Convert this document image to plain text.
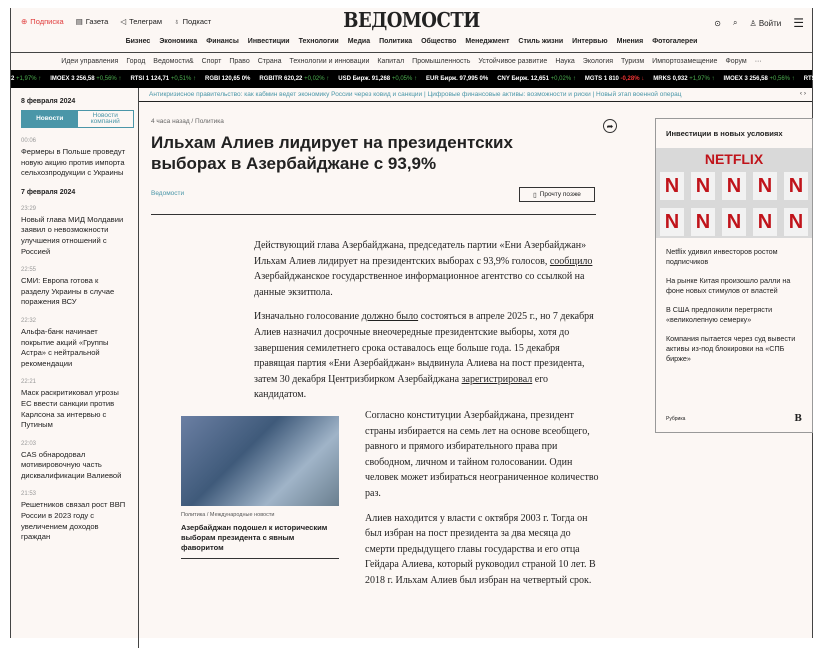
⊕ Подписка ▤ Газета ◁ Телеграм ♁ Подкаст	ВЕДОМОСТИ	⊙ ⌕ ♙ Войти ☰
Бизнес Экономика Финансы Инвестиции Технологии Медиа Политика Общество Менеджмент Стиль жизни Интервью Мнения Фотогалереи
Идеи управления Город Ведомости& Спорт Право Страна Технологии и инновации Капитал Промышленность Устойчивое развитие Наука Экология Туризм Импортозамещение Форум ···
2 +1,97% ↑ IMOEX 3 256,58 +0,56% ↑ RTSI 1 124,71 +0,51% ↑ RGBI 120,65 0% RGBITR 620,22 +0,02% ↑ USD Бирж. 91,268 +0,05% ↑ EUR Бирж. 97,995 0% CNY Бирж. 12,651 +0,02% ↑ MGTS 1 810 -0,28% ↓ MRKS 0,932 +1,97% ↑ IMOEX 3 256,58 +0,56% ↑ RTSI 1
8 февраля 2024
Новости	Новости компаний
00:06
Фермеры в Польше проведут новую акцию против импорта сельхозпродукции с Украины
7 февраля 2024
23:29
Новый глава МИД Молдавии заявил о невозможности улучшения отношений с Россией
22:55
СМИ: Европа готова к разделу Украины в случае поражения ВСУ
22:32
Альфа-банк начинает покрытие акций «Группы Астра» с нейтральной рекомендации
22:21
Маск раскритиковал угрозы ЕС ввести санкции против Карлсона за интервью с Путиным
22:03
CAS обнародовал мотивировочную часть дисквалификации Валиевой
21:53
Решетников связал рост ВВП России в 2023 году с увеличением доходов граждан
Антикризисное правительство: как кабмин ведет экономику России через ковид и санкции | Цифровые финансовые активы: возможности и риски | Новый этап военной операц	‹ ›
4 часа назад / Политика	➦
Ильхам Алиев лидирует на президентских выборах в Азербайджане с 93,9%
Ведомости	▯ Прочту позже

Действующий глава Азербайджана, председатель партии «Ени Азербайджан» Ильхам Алиев лидирует на президентских выборах с 93,9% голосов, сообщило Азербайджанское государственное информационное агентство со ссылкой на данные экзитпола.

Изначально голосование должно было состояться в апреле 2025 г., но 7 декабря Алиев назначил досрочные внеочередные президентские выборы, хотя до завершения семилетнего срока оставалось еще больше года. 15 декабря правящая партия «Ени Азербайджан» выдвинула Алиева на пост президента, затем 30 декабря Центризбирком Азербайджана зарегистрировал его кандидатом.

Согласно конституции Азербайджана, президент страны избирается на семь лет на основе всеобщего, равного и прямого избирательного права при свободном, личном и тайном голосовании. Один человек может избираться неограниченное количество раз.

Алиев находится у власти с октября 2003 г. Тогда он был избран на пост президента за два месяца до смерти предыдущего главы государства и его отца Гейдара Алиева, который руководил страной 10 лет. В 2018 г. Ильхам Алиев был избран на четвертый срок.

Политика / Международные новости
Азербайджан подошел к историческим выборам президента с явным фаворитом
Инвестиции в новых условиях
NETFLIX
N N N N N
N N N N N
Netflix удивил инвесторов ростом подписчиков
На рынке Китая произошло ралли на фоне новых стимулов от властей
В США предложили перетрясти «великолепную семерку»
Компания пытается через суд вывести активы из-под блокировки на «СПБ бирже»
Рубрика	В
